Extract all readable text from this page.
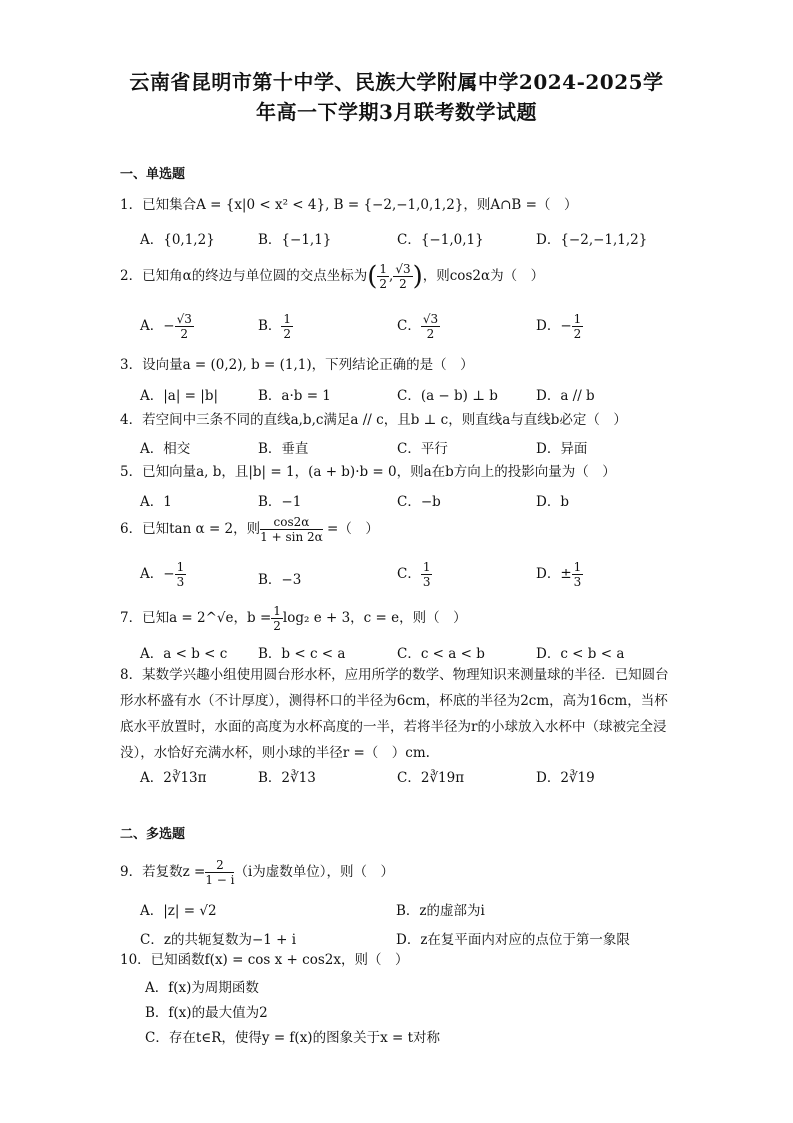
云南省昆明市第十中学、民族大学附属中学2024-2025学
年高一下学期3月联考数学试题
一、单选题
1．已知集合A = {x|0 < x² < 4}, B = {−2,−1,0,1,2}，则A∩B =（　）
A．{0,1,2}	B．{−1,1}	C．{−1,0,1}	D．{−2,−1,1,2}
2．已知角α的终边与单位圆的交点坐标为( $\frac{1}{2}$ , $\frac{√3}{2}$ )，则cos2α为（　）
A．− $\frac{√3}{2}$	B． $\frac{1}{2}$	C． $\frac{√3}{2}$	D．− $\frac{1}{2}$
3．设向量a = (0,2), b = (1,1)，下列结论正确的是（　）
A．|a| = |b|	B．a·b = 1	C．(a − b) ⊥ b	D．a // b
4．若空间中三条不同的直线a,b,c满足a // c，且b ⊥ c，则直线a与直线b必定（　）
A．相交	B．垂直	C．平行	D．异面
5．已知向量a, b，且|b| = 1，(a + b)·b = 0，则a在b方向上的投影向量为（　）
A．1	B．−1	C．−b	D．b
6．已知tan α = 2，则 $\frac{\cos 2\alpha}{1 + \sin 2\alpha}$ =（　）
A．− $\frac{1}{3}$	B．−3	C． $\frac{1}{3}$	D．± $\frac{1}{3}$
7．已知a = 2^√e，$b = \frac{1}{2} \log_2$ e + 3，c = e，则（　）
A．a < b < c B．b < c < a	C．c < a < b	D．c < b < a
8．某数学兴趣小组使用圆台形水杯，应用所学的数学、物理知识来测量球的半径．已知圆台形水杯盛有水（不计厚度），测得杯口的半径为6cm，杯底的半径为2cm，高为16cm，当杯底水平放置时，水面的高度为水杯高度的一半，若将半径为r的小球放入水杯中（球被完全浸没），水恰好充满水杯，则小球的半径r =（　）cm.
A．2∛13π	B．2∛13	C．2∛19π	D．2∛19
二、多选题
9．若复数$z = \frac{2}{1 - i} (i$为虚数单位），则（　）
A．|z| = √2	B．z的虚部为i
C．z的共轭复数为−1 + i	D．z在复平面内对应的点位于第一象限
10．已知函数f(x) = cos x + cos2x，则（　）
A．f(x)为周期函数
B．f(x)的最大值为2
C．存在t∈R，使得y = f(x)的图象关于x = t对称
